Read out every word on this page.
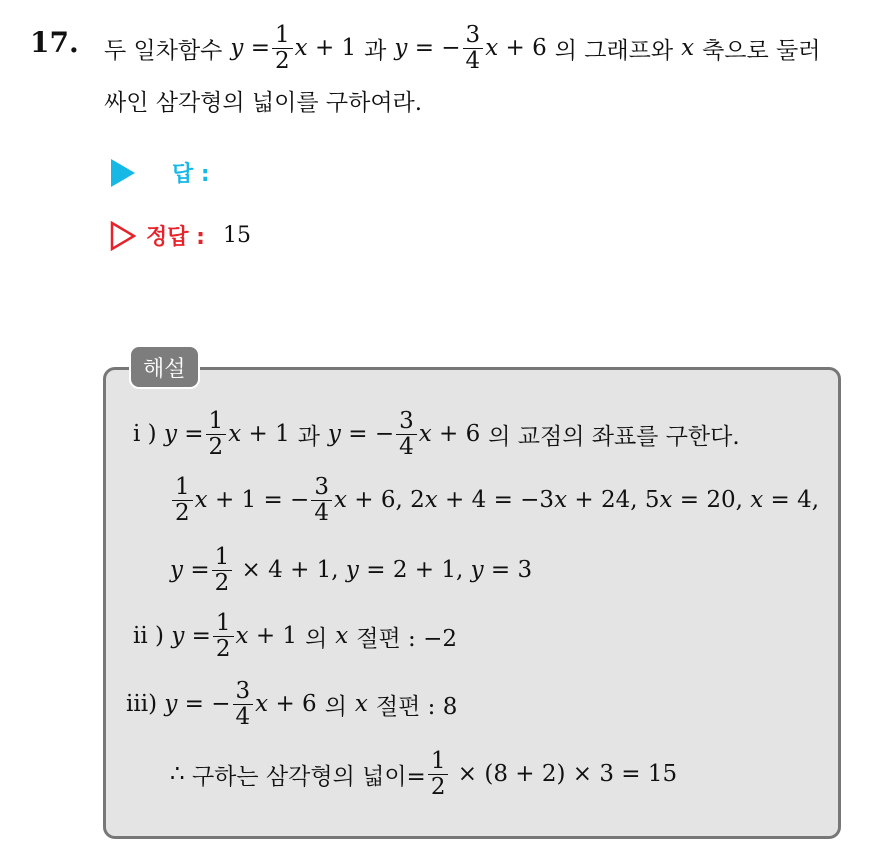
17. 두 일차함수 y
= $\frac{1}{2}$ x
+ 1 과 y
= − $\frac{3}{4}$ x
+ 6 의 그래프와 x 축으로 둘러
싸인 삼각형의 넓이를 구하여라.
답 :
정답 : 15
해설
i )
y
= $\frac{1}{2}$ x
+ 1 과 y
= − $\frac{3}{4}$ x
+ 6 의 교점의 좌표를 구한다.
$\frac{1}{2}$ x
+ 1 = − $\frac{3}{4}$ x
+ 6, 2 x
+ 4 = −3 x
+ 24, 5 x
= 20,
x
= 4,
y
= $\frac{1}{2}$
× 4 + 1,
y
= 2 + 1,
y
= 3
ii )
y
= $\frac{1}{2}$ x
+ 1 의 x 절편 : −2
iii)
y
= − $\frac{3}{4}$ x
+ 6 의 x 절편 : 8
∴
구하는 삼각형의 넓이= $\frac{1}{2}$
× (8 + 2) × 3 = 15
